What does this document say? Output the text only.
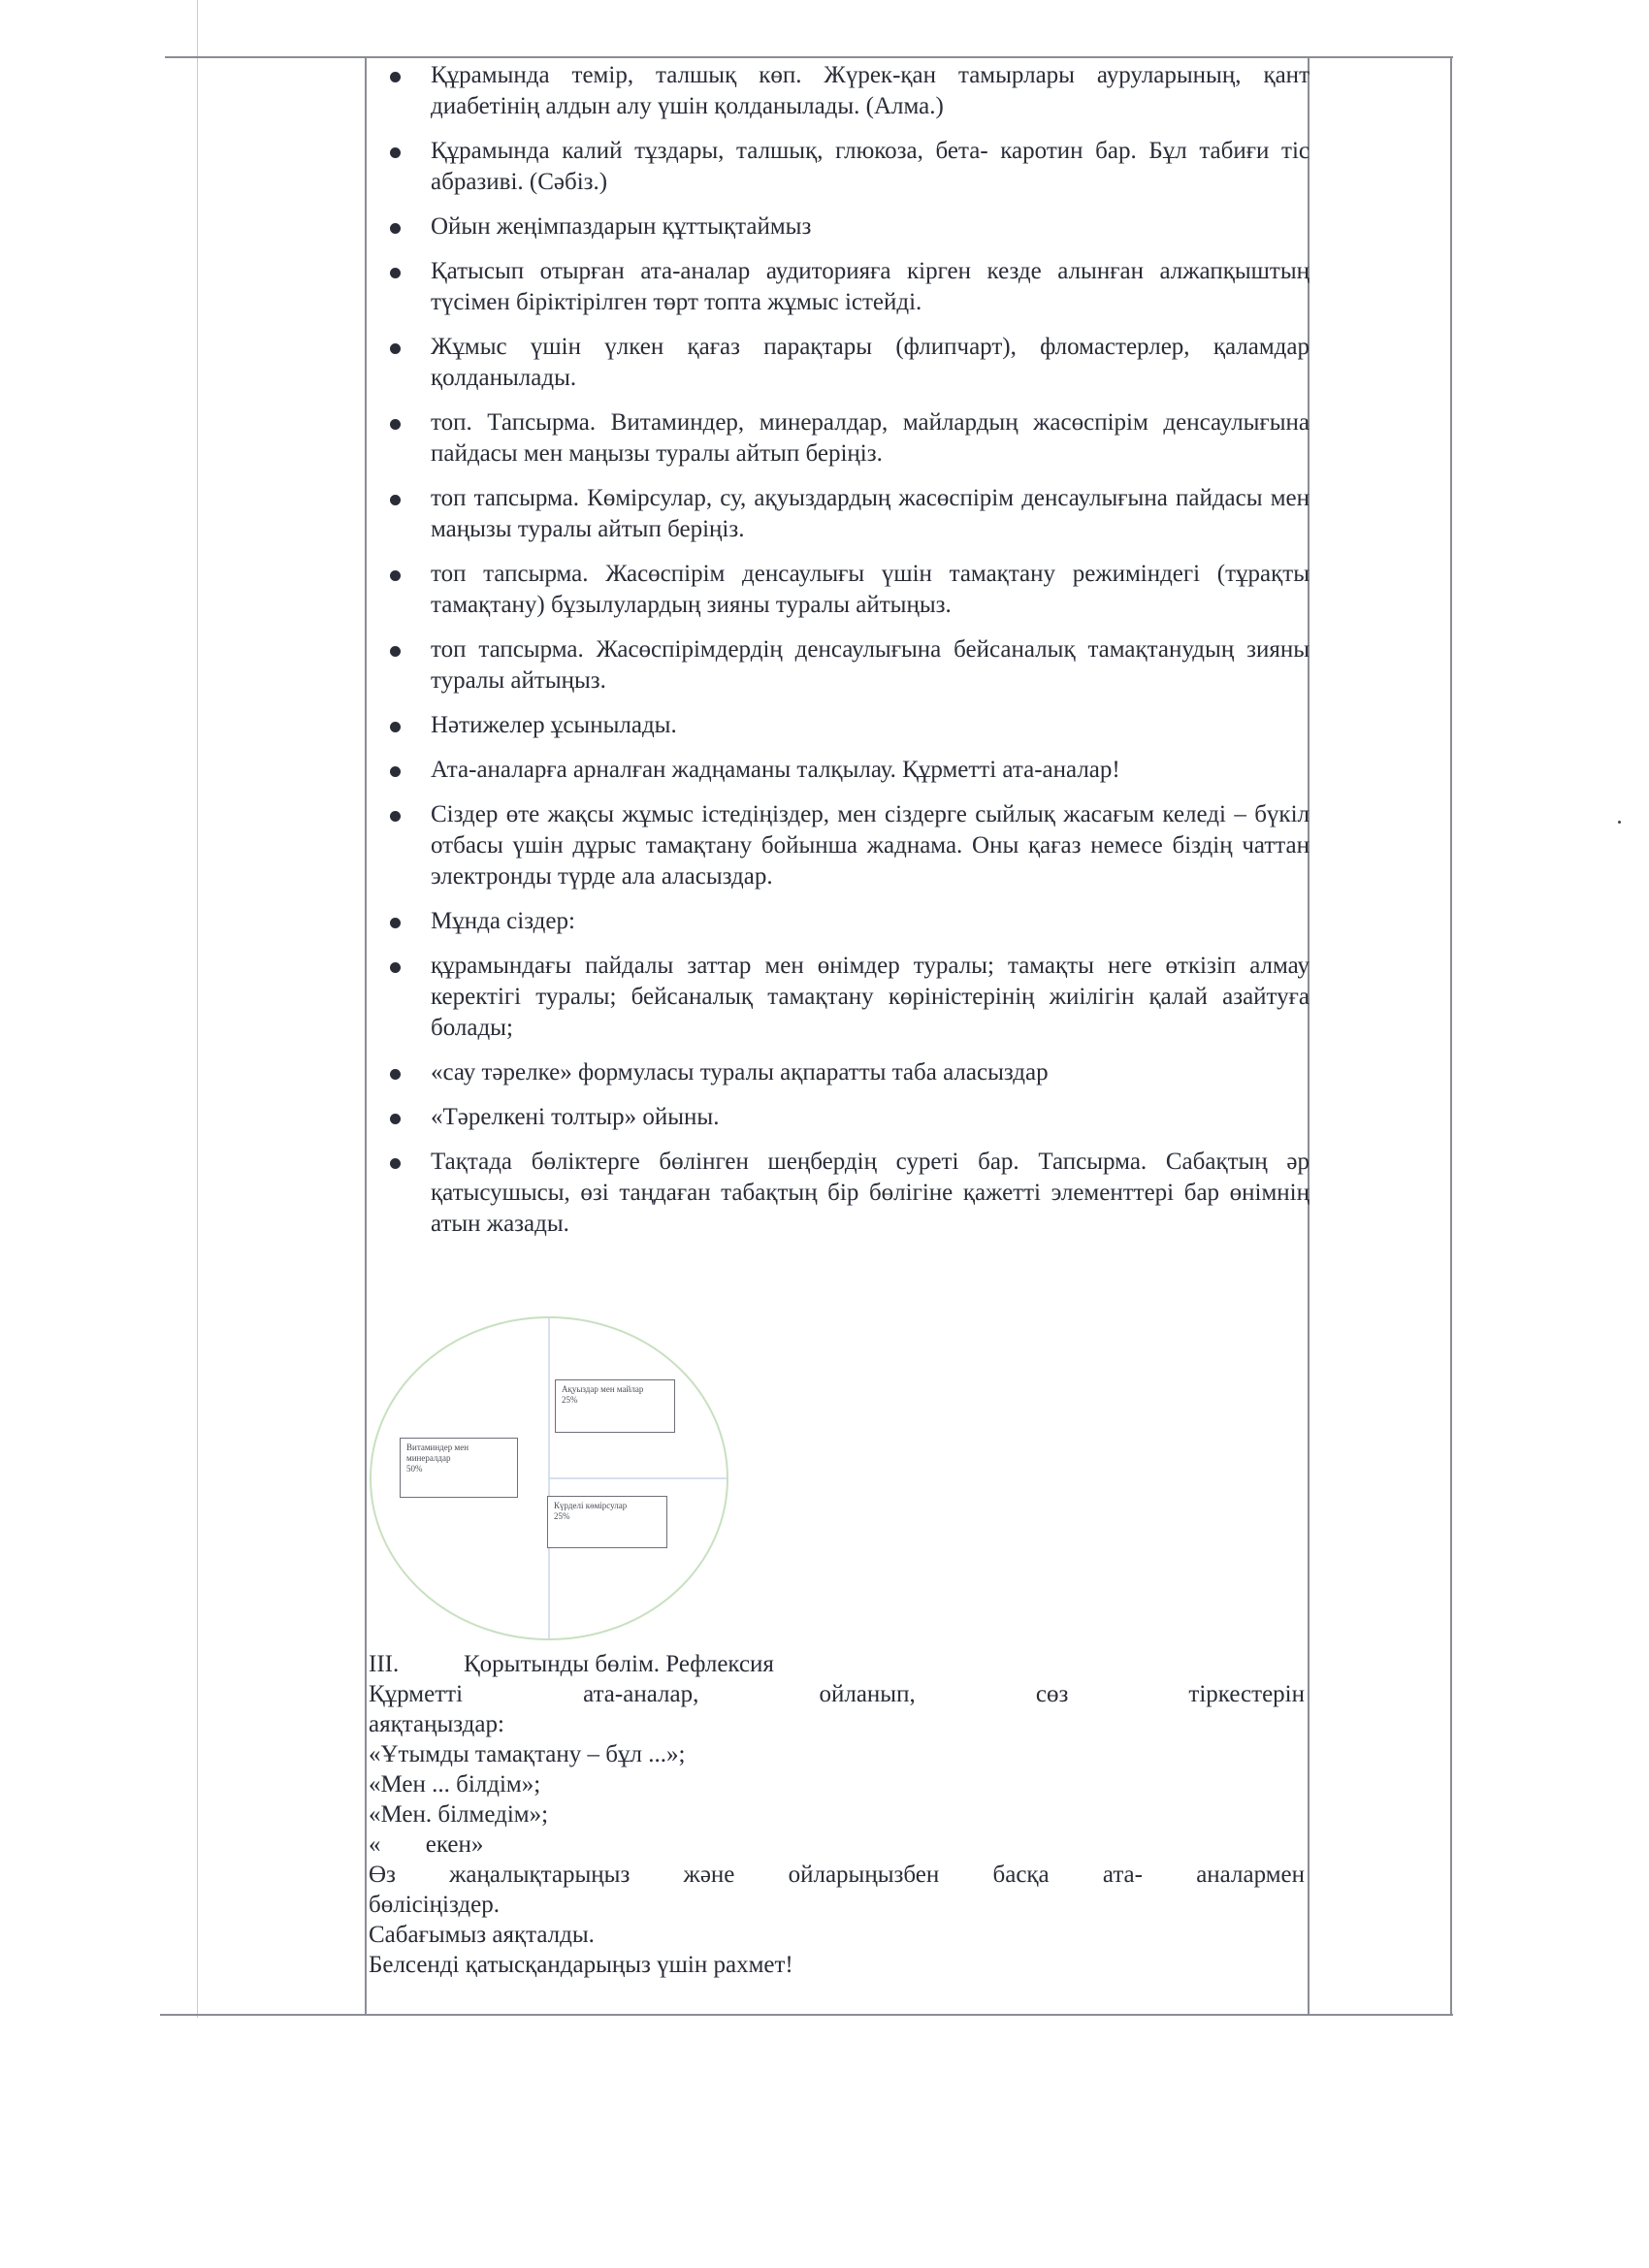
Құрамында темір, талшық көп. Жүрек-қан тамырлары ауруларының, қант диабетінің алдын алу үшін қолданылады. (Алма.)
Құрамында калий тұздары, талшық, глюкоза, бета- каротин бар. Бұл табиғи тіс абразиві. (Сәбіз.)
Ойын жеңімпаздарын құттықтаймыз
Қатысып отырған ата-аналар аудиторияға кірген кезде алынған алжапқыштың түсімен біріктірілген төрт топта жұмыс істейді.
Жұмыс үшін үлкен қағаз парақтары (флипчарт), фломастерлер, қаламдар қолданылады.
топ. Тапсырма. Витаминдер, минералдар, майлардың жасөспірім денсаулығына пайдасы мен маңызы туралы айтып беріңіз.
топ тапсырма. Көмірсулар, су, ақуыздардың жасөспірім денсаулығына пайдасы мен маңызы туралы айтып беріңіз.
топ тапсырма. Жасөспірім денсаулығы үшін тамақтану режиміндегі (тұрақты тамақтану) бұзылулардың зияны туралы айтыңыз.
топ тапсырма. Жасөспірімдердің денсаулығына бейсаналық тамақтанудың зияны туралы айтыңыз.
Нәтижелер ұсынылады.
Ата-аналарға арналған жадңаманы талқылау. Құрметті ата-аналар!
Сіздер өте жақсы жұмыс істедіңіздер, мен сіздерге сыйлық жасағым келеді – бүкіл отбасы үшін дұрыс тамақтану бойынша жаднама. Оны қағаз немесе біздің чаттан электронды түрде ала аласыздар.
Мұнда сіздер:
құрамындағы пайдалы заттар мен өнімдер туралы; тамақты неге өткізіп алмау керектігі туралы; бейсаналық тамақтану көріністерінің жиілігін қалай азайтуға болады;
«сау тәрелке» формуласы туралы ақпаратты таба аласыздар
«Тәрелкені толтыр» ойыны.
Тақтада бөліктерге бөлінген шеңбердің суреті бар. Тапсырма. Сабақтың әр қатысушысы, өзі таңдаған табақтың бір бөлігіне қажетті элементтері бар өнімнің атын жазады.
Ақуыздар мен майлар
25%
Витаминдер мен минералдар
50%
Күрделі көмірсулар
25%
III.	Қорытынды бөлім. Рефлексия
Құрметті ата-аналар, ойланып, сөз тіркестерін
аяқтаңыздар:
«Ұтымды тамақтану – бұл ...»;
«Мен ... білдім»;
«Мен. білмедім»;
« екен»
Өз жаңалықтарыңыз және ойларыңызбен басқа ата- аналармен
бөлісіңіздер.
Сабағымыз аяқталды.
Белсенді қатысқандарыңыз үшін рахмет!
